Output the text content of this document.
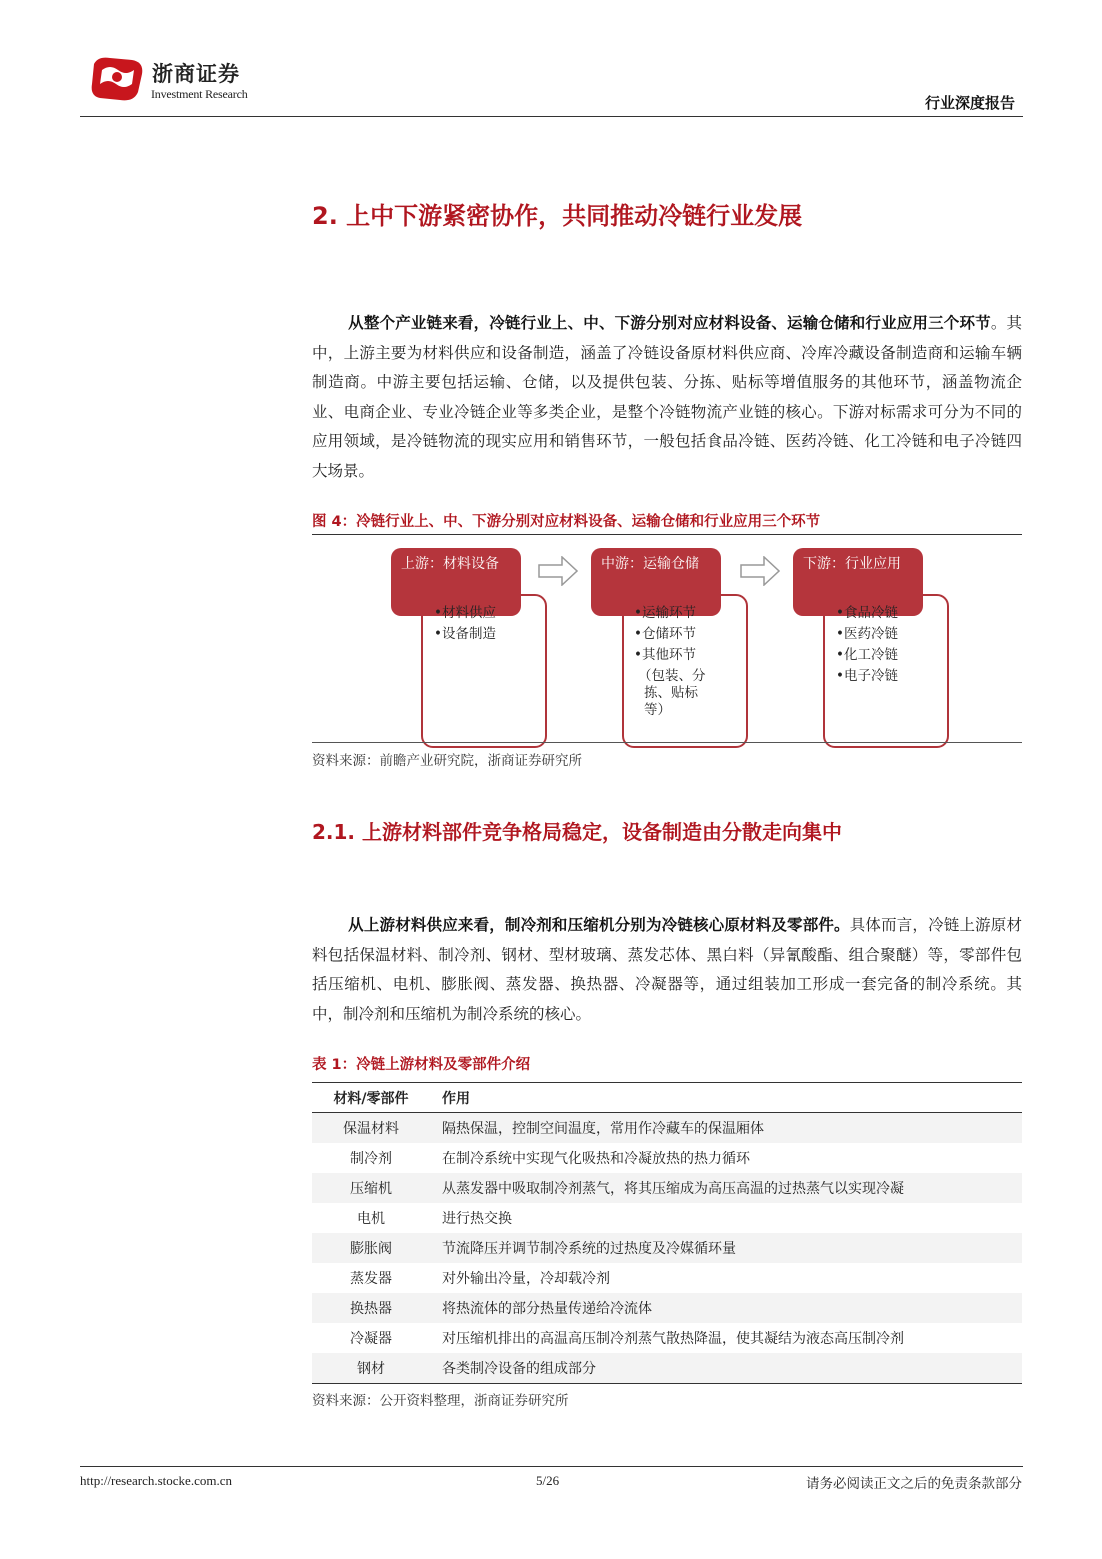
浙商证券
Investment Research	行业深度报告
2. 上中下游紧密协作，共同推动冷链行业发展
从整个产业链来看，冷链行业上、中、下游分别对应材料设备、运输仓储和行业应用三个环节。其中，上游主要为材料供应和设备制造，涵盖了冷链设备原材料供应商、冷库冷藏设备制造商和运输车辆制造商。中游主要包括运输、仓储，以及提供包装、分拣、贴标等增值服务的其他环节，涵盖物流企业、电商企业、专业冷链企业等多类企业，是整个冷链物流产业链的核心。下游对标需求可分为不同的应用领域，是冷链物流的现实应用和销售环节，一般包括食品冷链、医药冷链、化工冷链和电子冷链四大场景。
图 4：冷链行业上、中、下游分别对应材料设备、运输仓储和行业应用三个环节
上游：材料设备
•材料供应
•设备制造
中游：运输仓储
•运输环节
•仓储环节
•其他环节
（包装、分
拣、贴标
等）
下游：行业应用
•食品冷链
•医药冷链
•化工冷链
•电子冷链
资料来源：前瞻产业研究院，浙商证券研究所
2.1. 上游材料部件竞争格局稳定，设备制造由分散走向集中
从上游材料供应来看，制冷剂和压缩机分别为冷链核心原材料及零部件。具体而言，冷链上游原材料包括保温材料、制冷剂、钢材、型材玻璃、蒸发芯体、黑白料（异氰酸酯、组合聚醚）等，零部件包括压缩机、电机、膨胀阀、蒸发器、换热器、冷凝器等，通过组装加工形成一套完备的制冷系统。其中，制冷剂和压缩机为制冷系统的核心。
表 1：冷链上游材料及零部件介绍
材料/零部件	作用
保温材料	隔热保温，控制空间温度，常用作冷藏车的保温厢体
制冷剂	在制冷系统中实现气化吸热和冷凝放热的热力循环
压缩机	从蒸发器中吸取制冷剂蒸气，将其压缩成为高压高温的过热蒸气以实现冷凝
电机	进行热交换
膨胀阀	节流降压并调节制冷系统的过热度及冷媒循环量
蒸发器	对外输出冷量，冷却载冷剂
换热器	将热流体的部分热量传递给冷流体
冷凝器	对压缩机排出的高温高压制冷剂蒸气散热降温，使其凝结为液态高压制冷剂
钢材	各类制冷设备的组成部分
资料来源：公开资料整理，浙商证券研究所
http://research.stocke.com.cn	5/26	请务必阅读正文之后的免责条款部分
